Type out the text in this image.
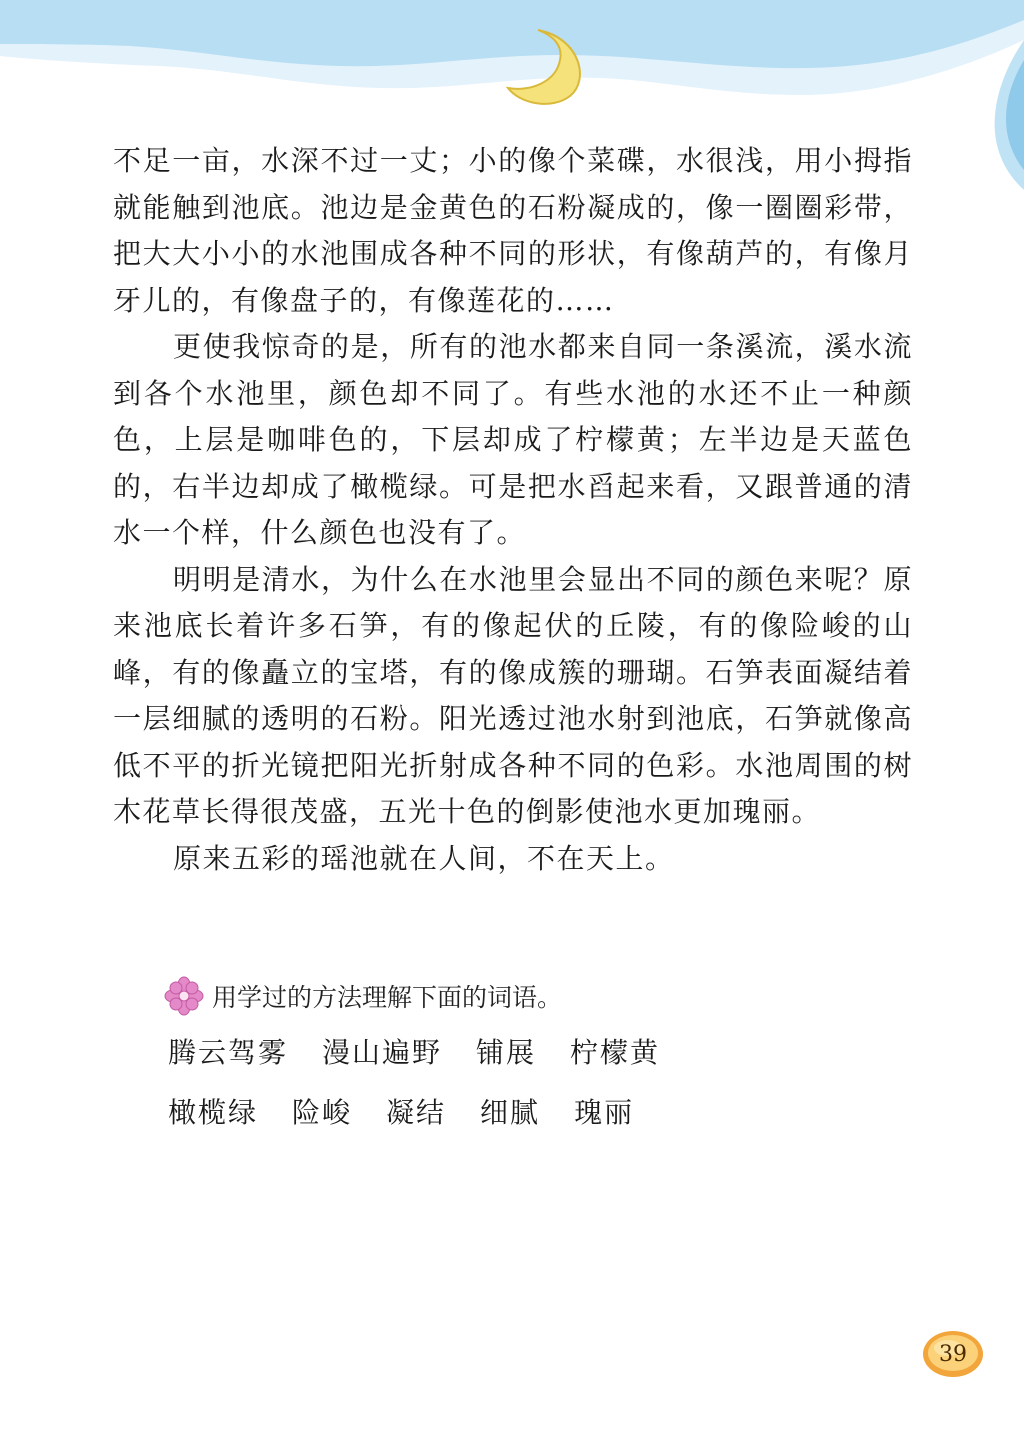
不足一亩，水深不过一丈；小的像个菜碟，水很浅，用小拇指就能触到池底。池边是金黄色的石粉凝成的，像一圈圈彩带，把大大小小的水池围成各种不同的形状，有像葫芦的，有像月牙儿的，有像盘子的，有像莲花的……

更使我惊奇的是，所有的池水都来自同一条溪流，溪水流到各个水池里，颜色却不同了。有些水池的水还不止一种颜色，上层是咖啡色的，下层却成了柠檬黄；左半边是天蓝色的，右半边却成了橄榄绿。可是把水舀起来看，又跟普通的清水一个样，什么颜色也没有了。

明明是清水，为什么在水池里会显出不同的颜色来呢？原来池底长着许多石笋，有的像起伏的丘陵，有的像险峻的山峰，有的像矗立的宝塔，有的像成簇的珊瑚。石笋表面凝结着一层细腻的透明的石粉。阳光透过池水射到池底，石笋就像高低不平的折光镜把阳光折射成各种不同的色彩。水池周围的树木花草长得很茂盛，五光十色的倒影使池水更加瑰丽。

原来五彩的瑶池就在人间，不在天上。

用学过的方法理解下面的词语。
腾云驾雾 漫山遍野 铺展 柠檬黄
橄榄绿 险峻 凝结 细腻 瑰丽
39
